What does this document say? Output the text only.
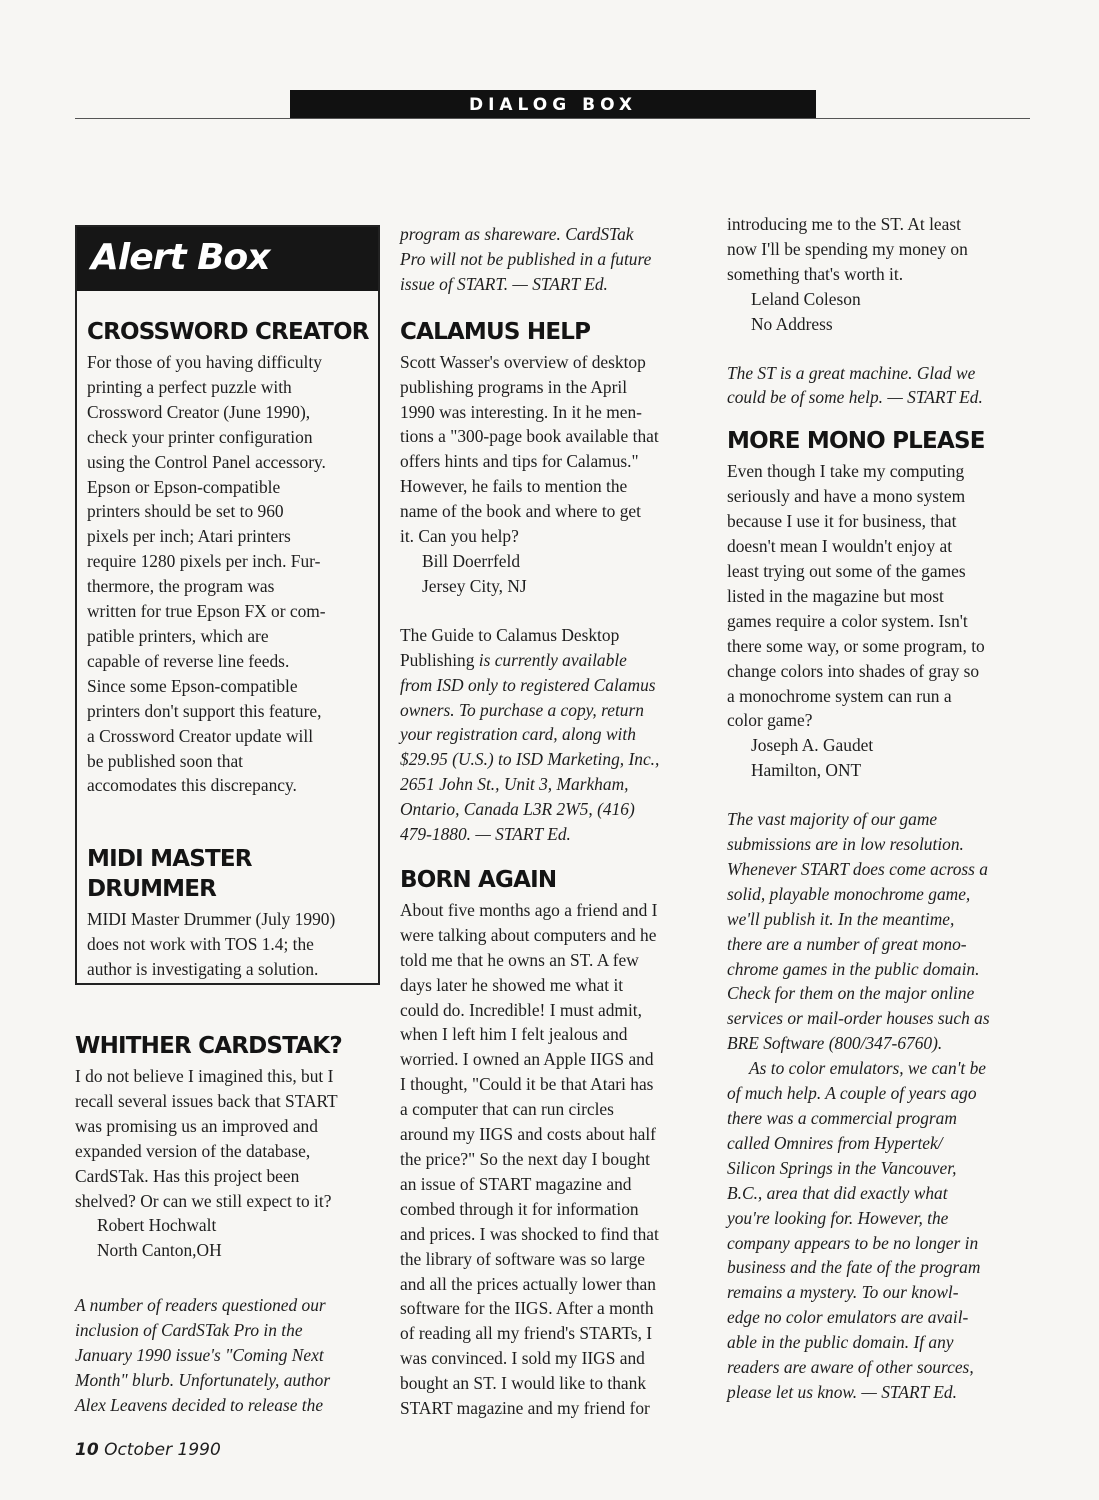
DIALOG BOX
Alert Box
CROSSWORD CREATOR

For those of you having difficulty

printing a perfect puzzle with

Crossword Creator (June 1990),

check your printer configuration

using the Control Panel accessory.

Epson or Epson-compatible

printers should be set to 960

pixels per inch; Atari printers

require 1280 pixels per inch. Fur-

thermore, the program was

written for true Epson FX or com-

patible printers, which are

capable of reverse line feeds.

Since some Epson-compatible

printers don't support this feature,

a Crossword Creator update will

be published soon that

accomodates this discrepancy.

MIDI MASTER DRUMMER

MIDI Master Drummer (July 1990)

does not work with TOS 1.4; the

author is investigating a solution.

WHITHER CARDSTAK?

I do not believe I imagined this, but I

recall several issues back that START

was promising us an improved and

expanded version of the database,

CardSTak. Has this project been

shelved? Or can we still expect to it?

Robert Hochwalt

North Canton,OH

A number of readers questioned our

inclusion of CardSTak Pro in the

January 1990 issue's "Coming Next

Month" blurb. Unfortunately, author

Alex Leavens decided to release the

program as shareware. CardSTak

Pro will not be published in a future

issue of START. — START Ed.

CALAMUS HELP

Scott Wasser's overview of desktop

publishing programs in the April

1990 was interesting. In it he men-

tions a "300-page book available that

offers hints and tips for Calamus."

However, he fails to mention the

name of the book and where to get

it. Can you help?

Bill Doerrfeld

Jersey City, NJ

The Guide to Calamus Desktop

Publishing is currently available

from ISD only to registered Calamus

owners. To purchase a copy, return

your registration card, along with

$29.95 (U.S.) to ISD Marketing, Inc.,

2651 John St., Unit 3, Markham,

Ontario, Canada L3R 2W5, (416)

479-1880. — START Ed.

BORN AGAIN

About five months ago a friend and I

were talking about computers and he

told me that he owns an ST. A few

days later he showed me what it

could do. Incredible! I must admit,

when I left him I felt jealous and

worried. I owned an Apple IIGS and

I thought, "Could it be that Atari has

a computer that can run circles

around my IIGS and costs about half

the price?" So the next day I bought

an issue of START magazine and

combed through it for information

and prices. I was shocked to find that

the library of software was so large

and all the prices actually lower than

software for the IIGS. After a month

of reading all my friend's STARTs, I

was convinced. I sold my IIGS and

bought an ST. I would like to thank

START magazine and my friend for

introducing me to the ST. At least

now I'll be spending my money on

something that's worth it.

Leland Coleson

No Address

The ST is a great machine. Glad we

could be of some help. — START Ed.

MORE MONO PLEASE

Even though I take my computing

seriously and have a mono system

because I use it for business, that

doesn't mean I wouldn't enjoy at

least trying out some of the games

listed in the magazine but most

games require a color system. Isn't

there some way, or some program, to

change colors into shades of gray so

a monochrome system can run a

color game?

Joseph A. Gaudet

Hamilton, ONT

The vast majority of our game

submissions are in low resolution.

Whenever START does come across a

solid, playable monochrome game,

we'll publish it. In the meantime,

there are a number of great mono-

chrome games in the public domain.

Check for them on the major online

services or mail-order houses such as

BRE Software (800/347-6760).

As to color emulators, we can't be

of much help. A couple of years ago

there was a commercial program

called Omnires from Hypertek/

Silicon Springs in the Vancouver,

B.C., area that did exactly what

you're looking for. However, the

company appears to be no longer in

business and the fate of the program

remains a mystery. To our knowl-

edge no color emulators are avail-

able in the public domain. If any

readers are aware of other sources,

please let us know. — START Ed.

10 October 1990
